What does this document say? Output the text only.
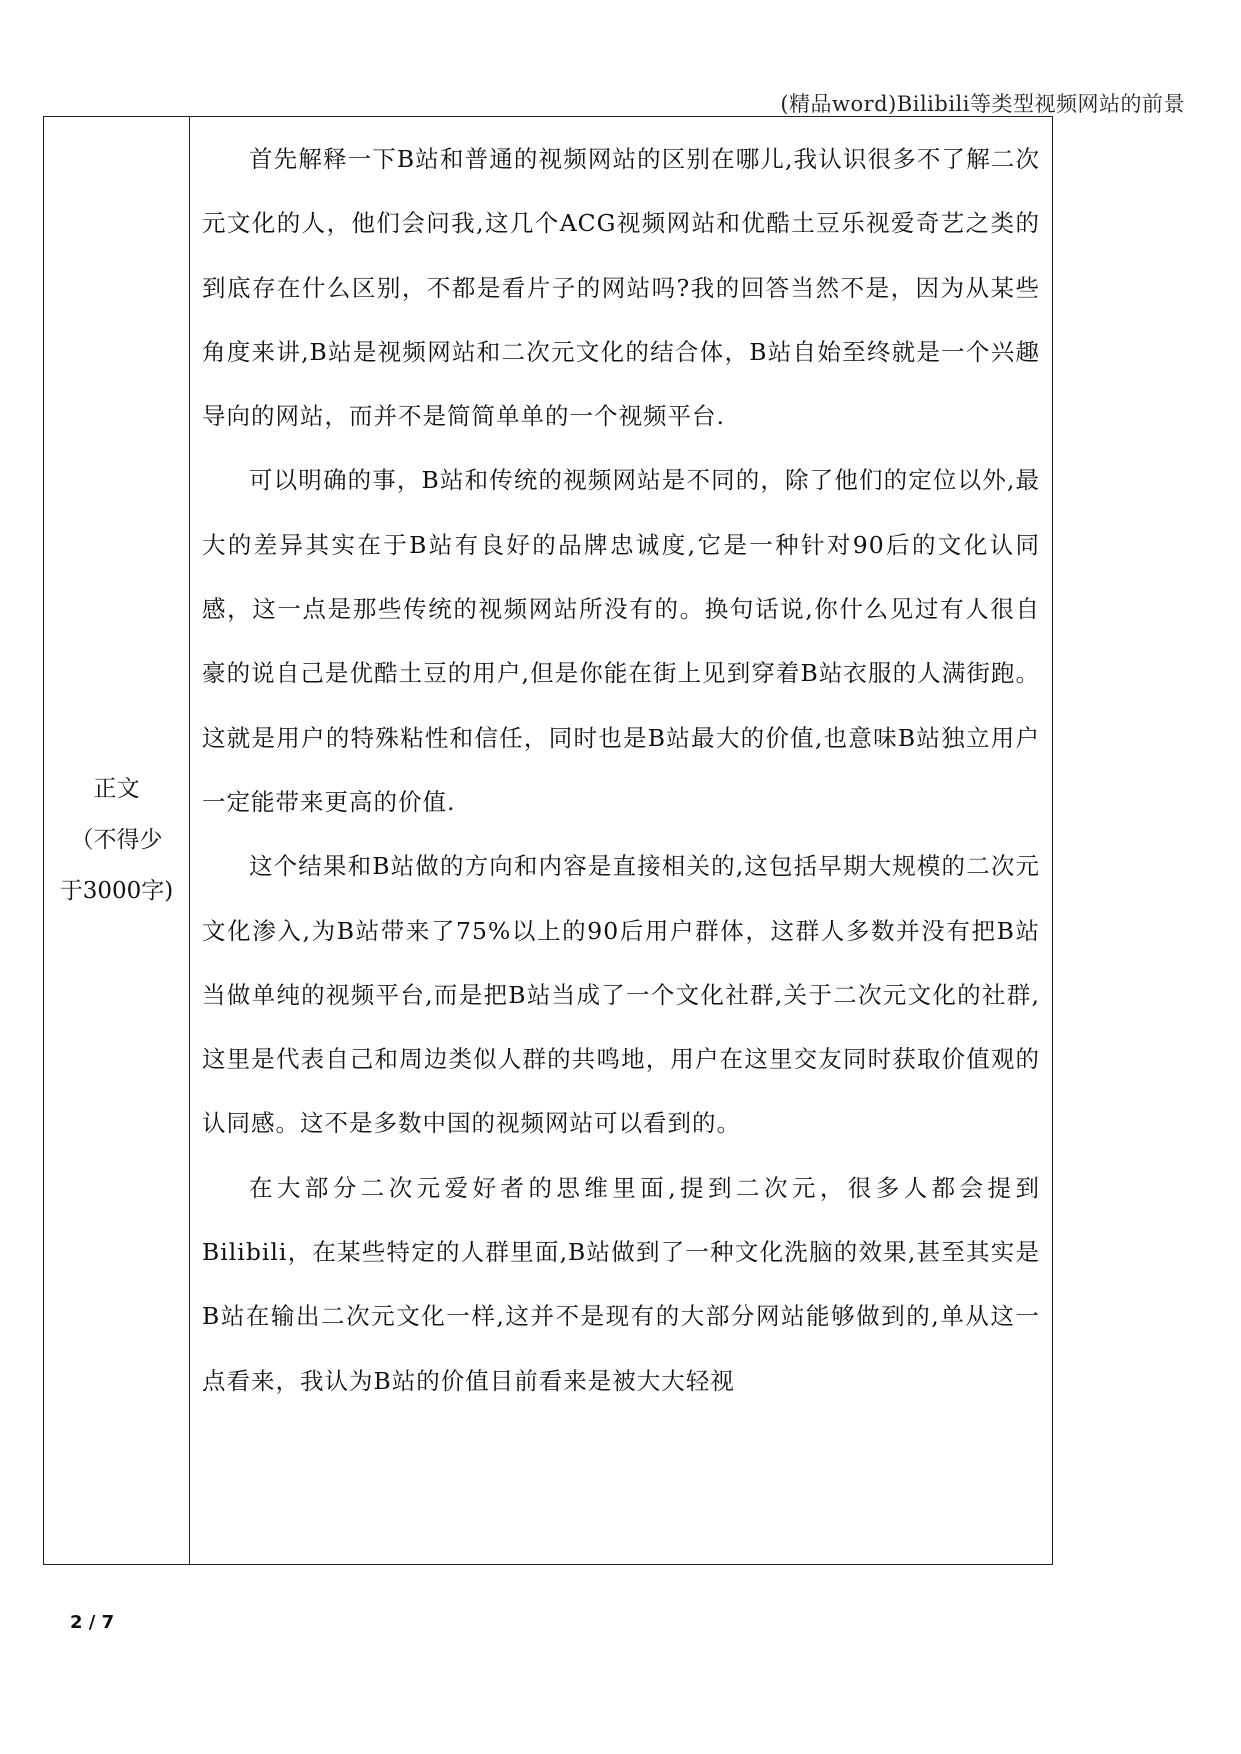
(精品word)Bilibili等类型视频网站的前景
正文
（不得少
于3000字)

首先解释一下B站和普通的视频网站的区别在哪儿,我认识很多不了解二次元文化的人，他们会问我,这几个ACG视频网站和优酷土豆乐视爱奇艺之类的到底存在什么区别，不都是看片子的网站吗?我的回答当然不是，因为从某些角度来讲,B站是视频网站和二次元文化的结合体，B站自始至终就是一个兴趣导向的网站，而并不是简简单单的一个视频平台.

可以明确的事，B站和传统的视频网站是不同的，除了他们的定位以外,最大的差异其实在于B站有良好的品牌忠诚度,它是一种针对90后的文化认同感，这一点是那些传统的视频网站所没有的。换句话说,你什么见过有人很自豪的说自己是优酷土豆的用户,但是你能在街上见到穿着B站衣服的人满街跑。这就是用户的特殊粘性和信任，同时也是B站最大的价值,也意味B站独立用户一定能带来更高的价值.

这个结果和B站做的方向和内容是直接相关的,这包括早期大规模的二次元文化渗入,为B站带来了75%以上的90后用户群体，这群人多数并没有把B站当做单纯的视频平台,而是把B站当成了一个文化社群,关于二次元文化的社群,这里是代表自己和周边类似人群的共鸣地，用户在这里交友同时获取价值观的认同感。这不是多数中国的视频网站可以看到的。

在大部分二次元爱好者的思维里面,提到二次元，很多人都会提到Bilibili，在某些特定的人群里面,B站做到了一种文化洗脑的效果,甚至其实是B站在输出二次元文化一样,这并不是现有的大部分网站能够做到的,单从这一点看来，我认为B站的价值目前看来是被大大轻视

2 / 7
